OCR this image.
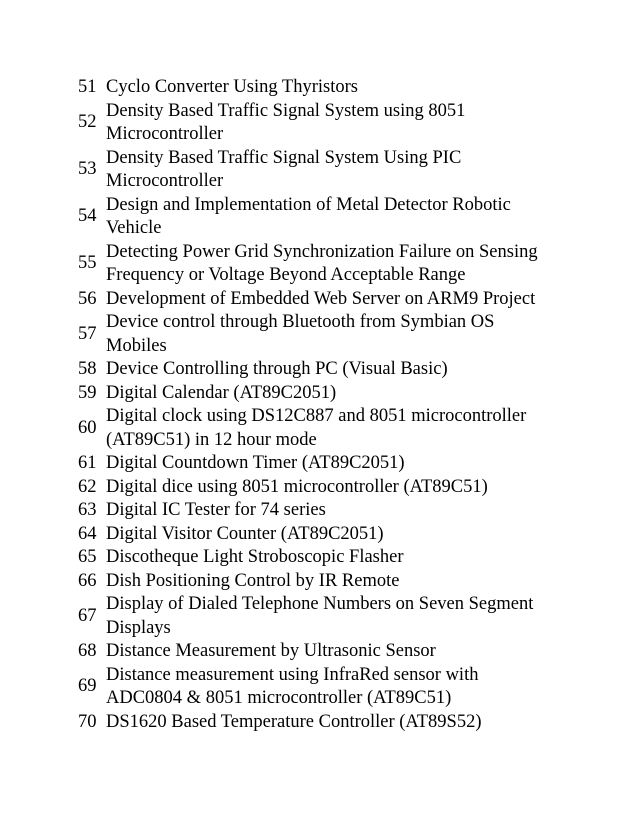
51 Cyclo Converter Using Thyristors
52
Density Based Traffic Signal System using 8051
Microcontroller
53
Density Based Traffic Signal System Using PIC
Microcontroller
54
Design and Implementation of Metal Detector Robotic
Vehicle
55
Detecting Power Grid Synchronization Failure on Sensing
Frequency or Voltage Beyond Acceptable Range
56 Development of Embedded Web Server on ARM9 Project
57
Device control through Bluetooth from Symbian OS
Mobiles
58 Device Controlling through PC (Visual Basic)
59 Digital Calendar (AT89C2051)
60
Digital clock using DS12C887 and 8051 microcontroller
(AT89C51) in 12 hour mode
61 Digital Countdown Timer (AT89C2051)
62 Digital dice using 8051 microcontroller (AT89C51)
63 Digital IC Tester for 74 series
64 Digital Visitor Counter (AT89C2051)
65 Discotheque Light Stroboscopic Flasher
66 Dish Positioning Control by IR Remote
67
Display of Dialed Telephone Numbers on Seven Segment
Displays
68 Distance Measurement by Ultrasonic Sensor
69
Distance measurement using InfraRed sensor with
ADC0804 & 8051 microcontroller (AT89C51)
70 DS1620 Based Temperature Controller (AT89S52)
